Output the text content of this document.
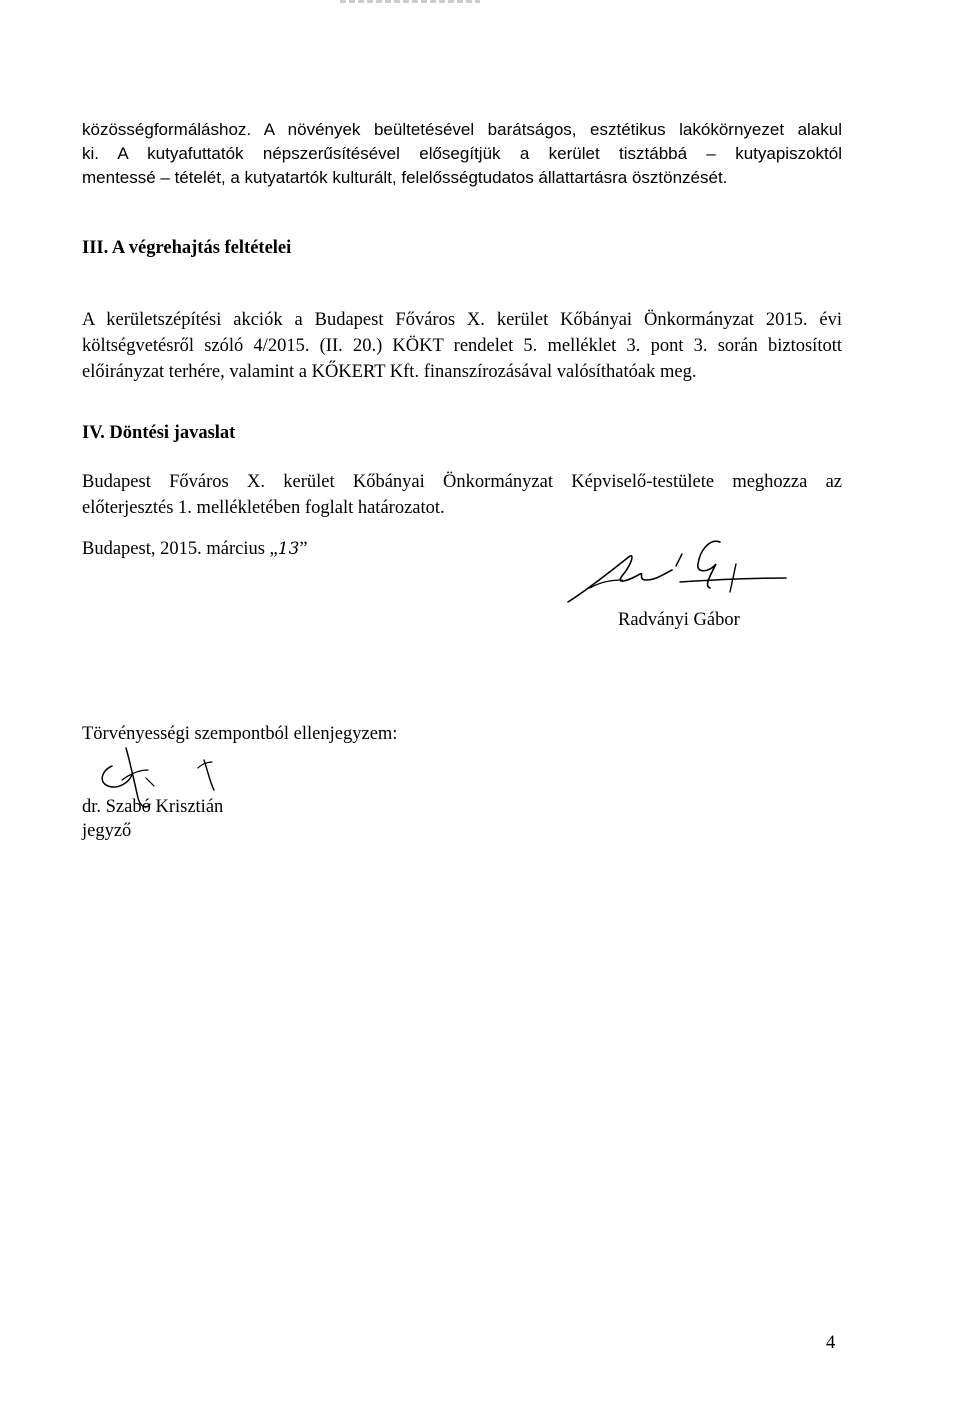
közösségformáláshoz. A növények beültetésével barátságos, esztétikus lakókörnyezet alakul
ki. A kutyafuttatók népszerűsítésével elősegítjük a kerület tisztábbá – kutyapiszoktól
mentessé – tételét, a kutyatartók kulturált, felelősségtudatos állattartásra ösztönzését.

III. A végrehajtás feltételei

A kerületszépítési akciók a Budapest Főváros X. kerület Kőbányai Önkormányzat 2015. évi
költségvetésről szóló 4/2015. (II. 20.) KÖKT rendelet 5. melléklet 3. pont 3. során biztosított
előirányzat terhére, valamint a KŐKERT Kft. finanszírozásával valósíthatóak meg.

IV. Döntési javaslat

Budapest Főváros X. kerület Kőbányai Önkormányzat Képviselő-testülete meghozza az
előterjesztés 1. mellékletében foglalt határozatot.

Budapest, 2015. március „13”

Radványi Gábor

Törvényességi szempontból ellenjegyzem:

dr. Szabó Krisztián

jegyző

4
